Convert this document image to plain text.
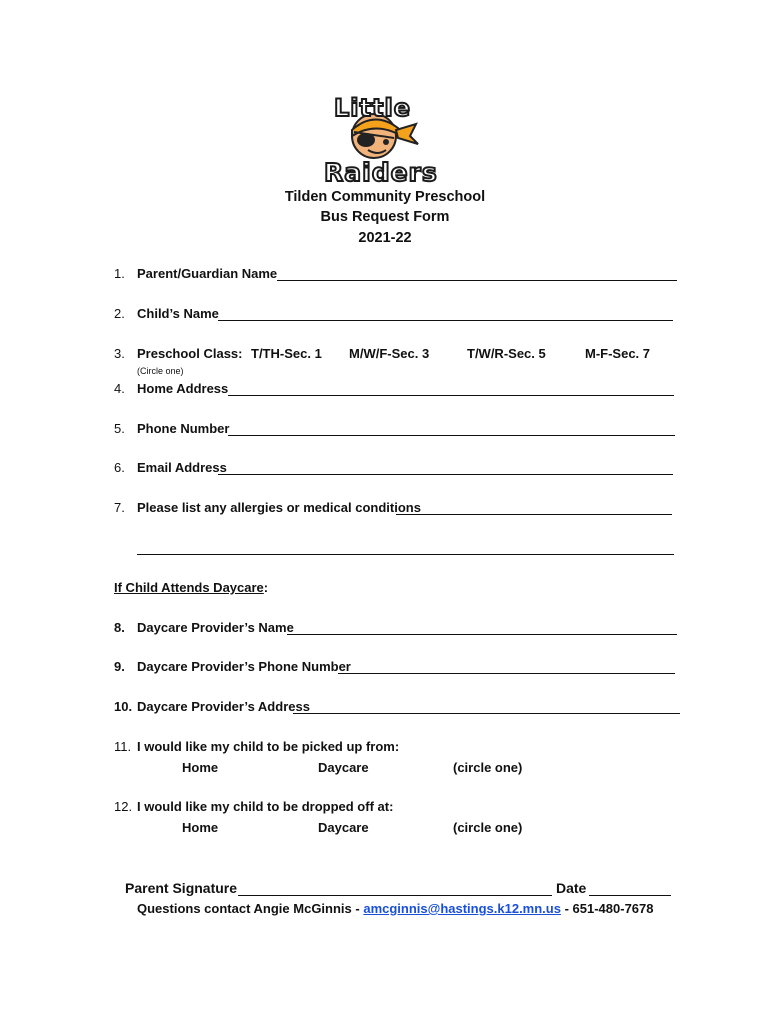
Little
Raiders
Tilden Community Preschool
Bus Request Form
2021-22
1. Parent/Guardian Name
2. Child’s Name
3. Preschool Class: T/TH-Sec. 1 M/W/F-Sec. 3	T/W/R-Sec. 5	M-F-Sec. 7
(Circle one)
4. Home Address
5. Phone Number
6. Email Address
7. Please list any allergies or medical conditions
If Child Attends Daycare:
8. Daycare Provider’s Name
9. Daycare Provider’s Phone Number
10. Daycare Provider’s Address
11. I would like my child to be picked up from:
Home	Daycare	(circle one)
12. I would like my child to be dropped off at:
Home	Daycare	(circle one)
Parent Signature	Date
Questions contact Angie McGinnis - amcginnis@hastings.k12.mn.us - 651-480-7678
